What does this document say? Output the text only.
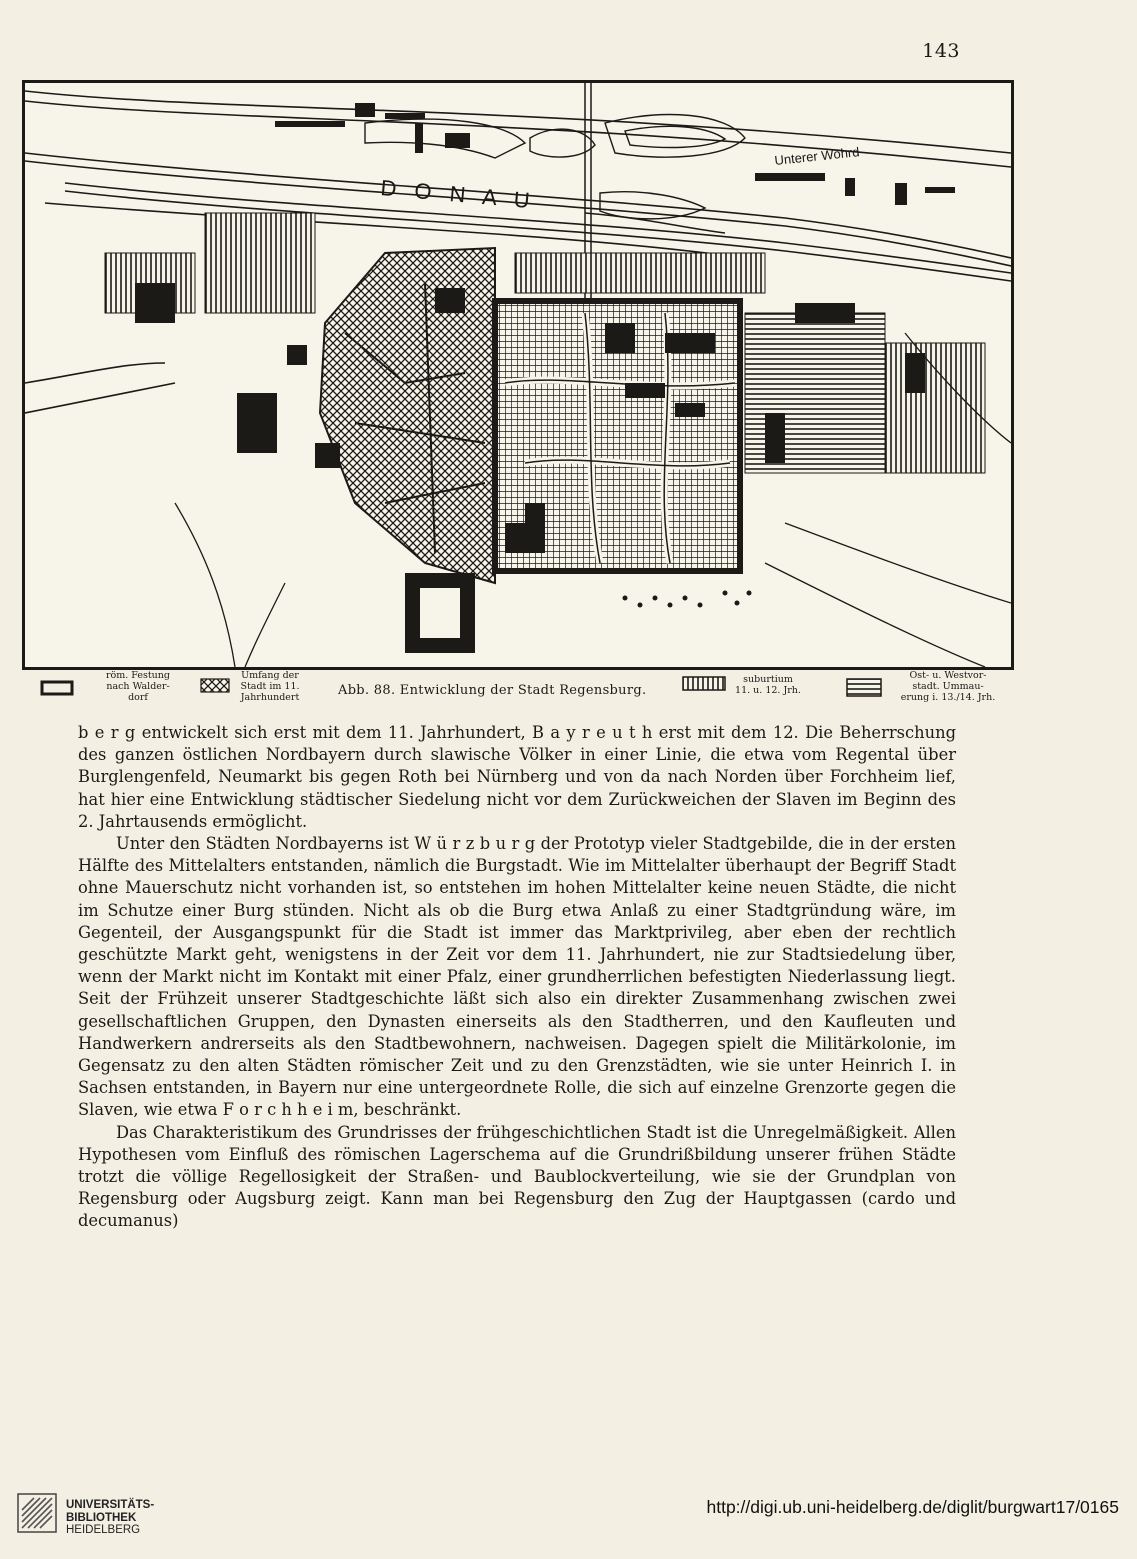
143
D O N A U
Unterer Wöhrd
röm. Festung
nach Walder-
dorf
Umfang der
Stadt im 11.
Jahrhundert
suburtium
11. u. 12. Jrh.
Ost- u. Westvor-
stadt. Ummau-
erung i. 13./14. Jrh.
Abb. 88. Entwicklung der Stadt Regensburg.

b e r g entwickelt sich erst mit dem 11. Jahrhundert, B a y r e u t h erst mit dem 12. Die Beherrschung des ganzen östlichen Nordbayern durch slawische Völker in einer Linie, die etwa vom Regental über Burglengenfeld, Neumarkt bis gegen Roth bei Nürnberg und von da nach Norden über Forchheim lief, hat hier eine Entwicklung städtischer Siedelung nicht vor dem Zurückweichen der Slaven im Beginn des 2. Jahrtausends ermöglicht.

Unter den Städten Nordbayerns ist W ü r z b u r g der Prototyp vieler Stadtgebilde, die in der ersten Hälfte des Mittelalters entstanden, nämlich die Burgstadt. Wie im Mittelalter überhaupt der Begriff Stadt ohne Mauerschutz nicht vorhanden ist, so entstehen im hohen Mittelalter keine neuen Städte, die nicht im Schutze einer Burg stünden. Nicht als ob die Burg etwa Anlaß zu einer Stadtgründung wäre, im Gegenteil, der Ausgangspunkt für die Stadt ist immer das Marktprivileg, aber eben der rechtlich geschützte Markt geht, wenigstens in der Zeit vor dem 11. Jahrhundert, nie zur Stadtsiedelung über, wenn der Markt nicht im Kontakt mit einer Pfalz, einer grundherrlichen befestigten Niederlassung liegt. Seit der Frühzeit unserer Stadtgeschichte läßt sich also ein direkter Zusammenhang zwischen zwei gesellschaftlichen Gruppen, den Dynasten einerseits als den Stadtherren, und den Kaufleuten und Handwerkern andrerseits als den Stadtbewohnern, nachweisen. Dagegen spielt die Militärkolonie, im Gegensatz zu den alten Städten römischer Zeit und zu den Grenzstädten, wie sie unter Heinrich I. in Sachsen entstanden, in Bayern nur eine untergeordnete Rolle, die sich auf einzelne Grenzorte gegen die Slaven, wie etwa F o r c h h e i m, beschränkt.

Das Charakteristikum des Grundrisses der frühgeschichtlichen Stadt ist die Unregelmäßigkeit. Allen Hypothesen vom Einfluß des römischen Lagerschema auf die Grundrißbildung unserer frühen Städte trotzt die völlige Regellosigkeit der Straßen- und Baublockverteilung, wie sie der Grundplan von Regensburg oder Augsburg zeigt. Kann man bei Regensburg den Zug der Hauptgassen (cardo und decumanus)

UNIVERSITÄTS-
BIBLIOTHEK
HEIDELBERG
http://digi.ub.uni-heidelberg.de/diglit/burgwart17/0165
